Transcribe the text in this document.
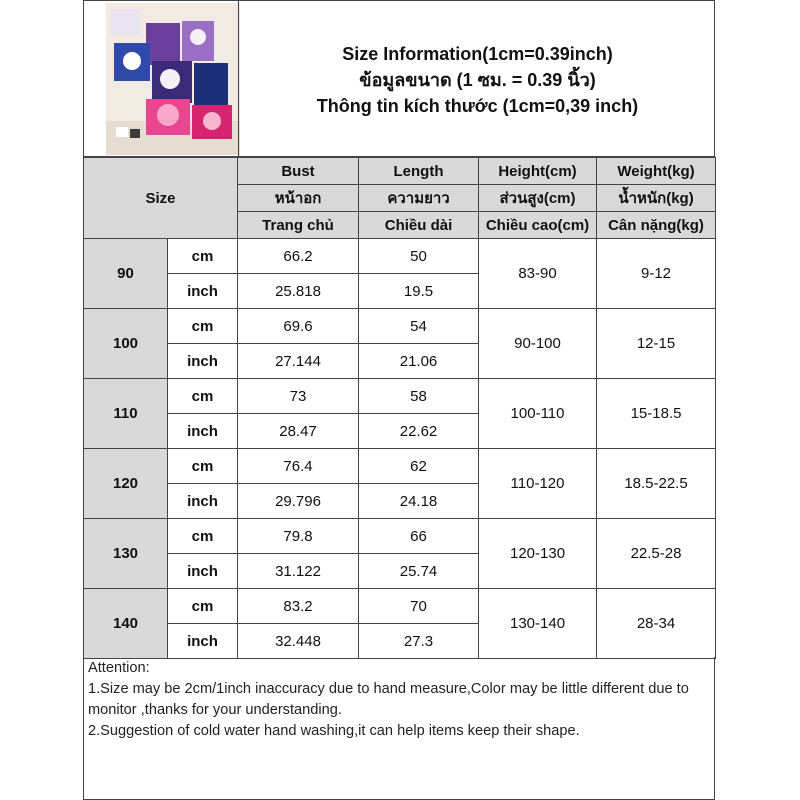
Size Information(1cm=0.39inch)
ข้อมูลขนาด (1 ซม. = 0.39 นิ้ว)
Thông tin kích thước (1cm=0,39 inch)
Size		Bust	Length	Height(cm)	Weight(kg)
		หน้าอก	ความยาว	ส่วนสูง(cm)	น้ำหนัก(kg)
		Trang chủ	Chiều dài	Chiều cao(cm)	Cân nặng(kg)
90	cm	66.2	50	83-90	9-12
	inch	25.818	19.5		
100	cm	69.6	54	90-100	12-15
	inch	27.144	21.06		
110	cm	73	58	100-110	15-18.5
	inch	28.47	22.62		
120	cm	76.4	62	110-120	18.5-22.5
	inch	29.796	24.18		
130	cm	79.8	66	120-130	22.5-28
	inch	31.122	25.74		
140	cm	83.2	70	130-140	28-34
	inch	32.448	27.3		
Attention:
1.Size may be 2cm/1inch inaccuracy due to hand measure,Color may be little different due to monitor ,thanks for your understanding.
2.Suggestion of cold water hand washing,it can help items keep their shape.
